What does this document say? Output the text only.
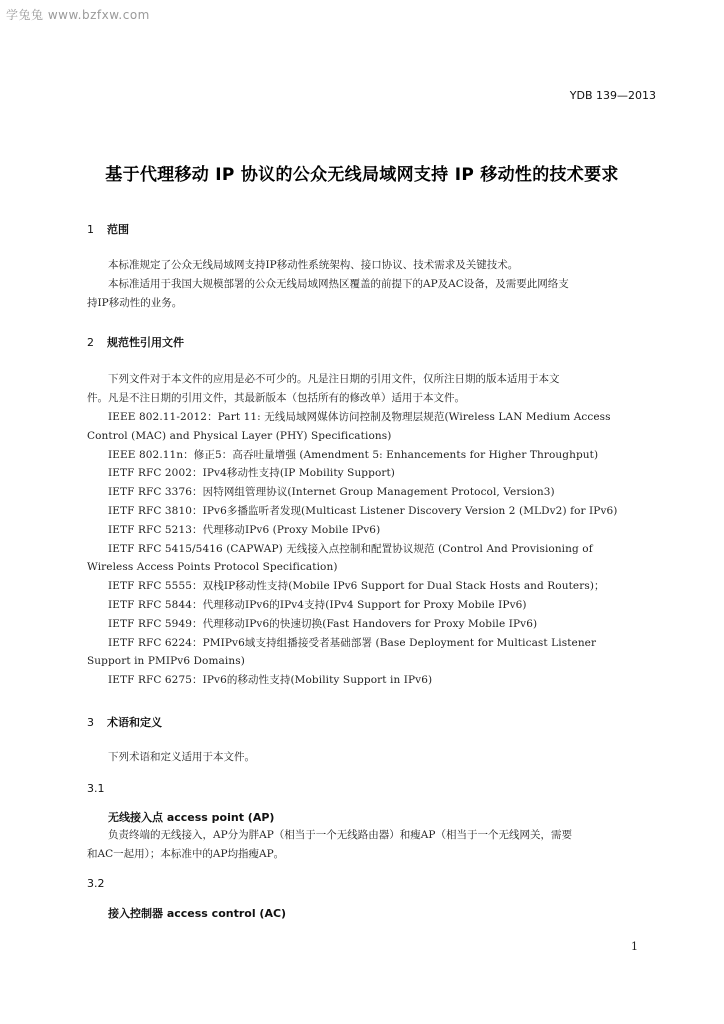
学兔兔 www.bzfxw.com
YDB 139—2013
基于代理移动 IP 协议的公众无线局域网支持 IP 移动性的技术要求
1 范围
本标准规定了公众无线局域网支持IP移动性系统架构、接口协议、技术需求及关键技术。
本标准适用于我国大规模部署的公众无线局域网热区覆盖的前提下的AP及AC设备，及需要此网络支
持IP移动性的业务。
2 规范性引用文件
下列文件对于本文件的应用是必不可少的。凡是注日期的引用文件，仅所注日期的版本适用于本文
件。凡是不注日期的引用文件，其最新版本（包括所有的修改单）适用于本文件。
IEEE 802.11-2012：Part 11: 无线局域网媒体访问控制及物理层规范(Wireless LAN Medium Access
Control (MAC) and Physical Layer (PHY) Specifications)
IEEE 802.11n：修正5：高吞吐量增强 (Amendment 5: Enhancements for Higher Throughput)
IETF RFC 2002：IPv4移动性支持(IP Mobility Support)
IETF RFC 3376：因特网组管理协议(Internet Group Management Protocol, Version3)
IETF RFC 3810：IPv6多播监听者发现(Multicast Listener Discovery Version 2 (MLDv2) for IPv6)
IETF RFC 5213：代理移动IPv6 (Proxy Mobile IPv6)
IETF RFC 5415/5416 (CAPWAP) 无线接入点控制和配置协议规范 (Control And Provisioning of
Wireless Access Points Protocol Specification)
IETF RFC 5555：双栈IP移动性支持(Mobile IPv6 Support for Dual Stack Hosts and Routers)；
IETF RFC 5844：代理移动IPv6的IPv4支持(IPv4 Support for Proxy Mobile IPv6)
IETF RFC 5949：代理移动IPv6的快速切换(Fast Handovers for Proxy Mobile IPv6)
IETF RFC 6224：PMIPv6域支持组播接受者基础部署 (Base Deployment for Multicast Listener
Support in PMIPv6 Domains)
IETF RFC 6275：IPv6的移动性支持(Mobility Support in IPv6)
3 术语和定义
下列术语和定义适用于本文件。
3.1
无线接入点 access point (AP)
负责终端的无线接入，AP分为胖AP（相当于一个无线路由器）和瘦AP（相当于一个无线网关，需要
和AC一起用）；本标准中的AP均指瘦AP。
3.2
接入控制器 access control (AC)
1
